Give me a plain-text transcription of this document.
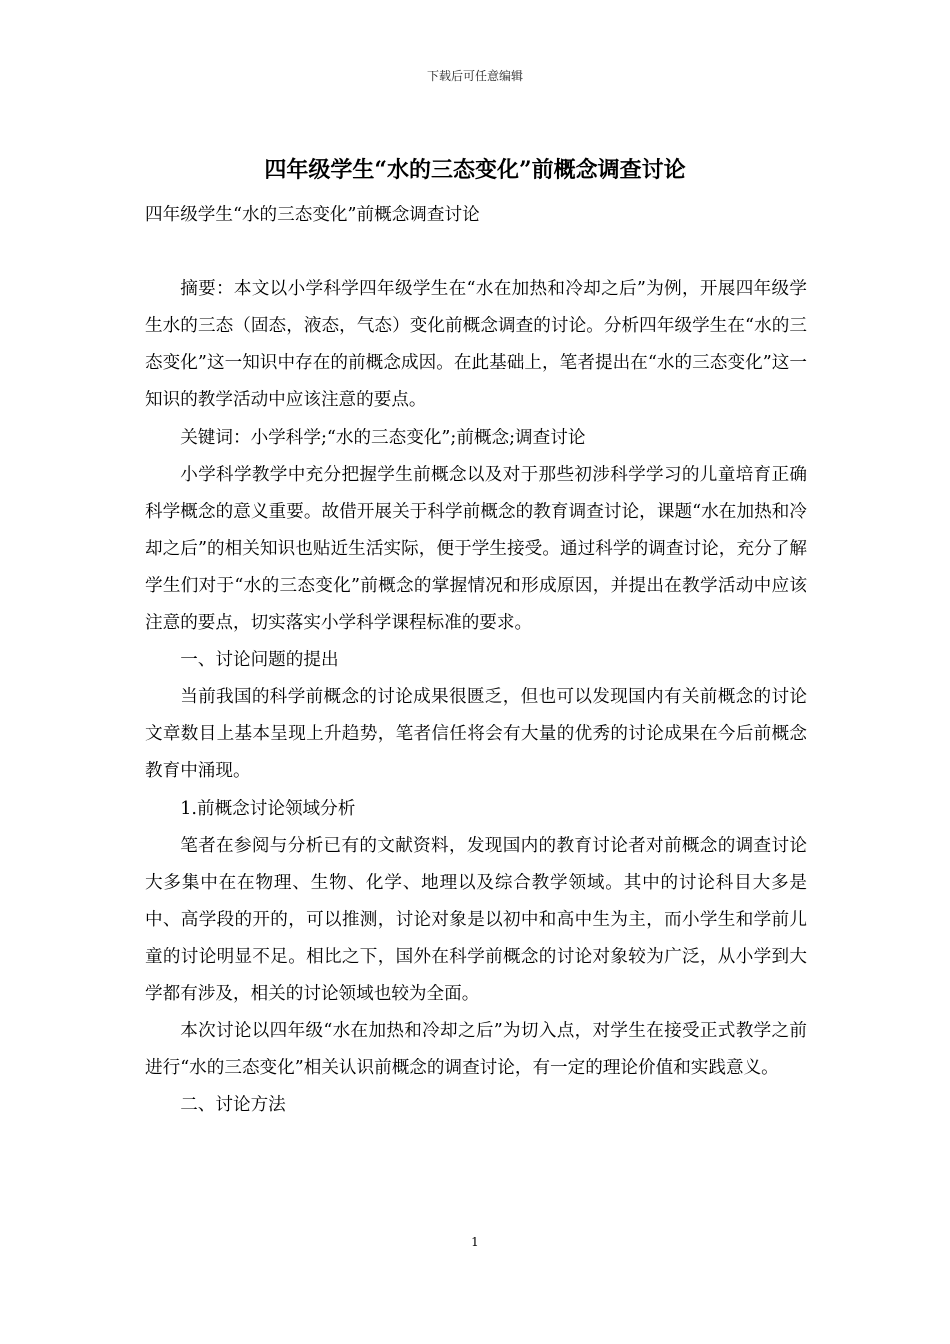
下载后可任意编辑
四年级学生“水的三态变化”前概念调查讨论

四年级学生“水的三态变化”前概念调查讨论

摘要：本文以小学科学四年级学生在“水在加热和冷却之后”为例，开展四年级学生水的三态（固态，液态，气态）变化前概念调查的讨论。分析四年级学生在“水的三态变化”这一知识中存在的前概念成因。在此基础上，笔者提出在“水的三态变化”这一知识的教学活动中应该注意的要点。

关键词：小学科学;“水的三态变化”;前概念;调查讨论

小学科学教学中充分把握学生前概念以及对于那些初涉科学学习的儿童培育正确科学概念的意义重要。故借开展关于科学前概念的教育调查讨论，课题“水在加热和冷却之后”的相关知识也贴近生活实际，便于学生接受。通过科学的调查讨论，充分了解学生们对于“水的三态变化”前概念的掌握情况和形成原因，并提出在教学活动中应该注意的要点，切实落实小学科学课程标准的要求。

一、讨论问题的提出

当前我国的科学前概念的讨论成果很匮乏，但也可以发现国内有关前概念的讨论文章数目上基本呈现上升趋势，笔者信任将会有大量的优秀的讨论成果在今后前概念教育中涌现。

1.前概念讨论领域分析

笔者在参阅与分析已有的文献资料，发现国内的教育讨论者对前概念的调查讨论大多集中在在物理、生物、化学、地理以及综合教学领域。其中的讨论科目大多是中、高学段的开的，可以推测，讨论对象是以初中和高中生为主，而小学生和学前儿童的讨论明显不足。相比之下，国外在科学前概念的讨论对象较为广泛，从小学到大学都有涉及，相关的讨论领域也较为全面。

本次讨论以四年级“水在加热和冷却之后”为切入点，对学生在接受正式教学之前进行“水的三态变化”相关认识前概念的调查讨论，有一定的理论价值和实践意义。

二、讨论方法

1
